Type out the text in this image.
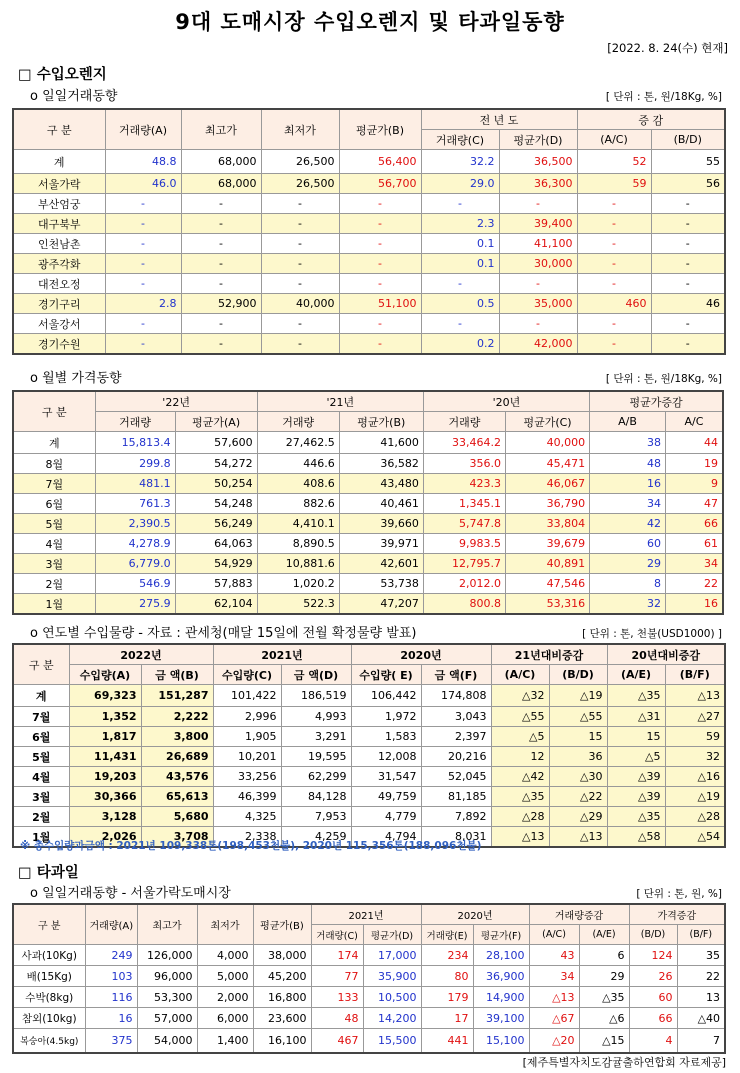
9대 도매시장 수입오렌지 및 타과일동향
[2022. 8. 24(수) 현재]
□ 수입오렌지
o 일일거래동향	[ 단위 : 톤, 원/18Kg, %]
구 분	거래량(A)	최고가	최저가	평균가(B)	전 년 도		증 감	
					거래량(C)	평균가(D)	(A/C)	(B/D)
계	48.8	68,000	26,500	56,400	32.2	36,500	52	55
서울가락	46.0	68,000	26,500	56,700	29.0	36,300	59	56
부산엄궁	-	-	-	-	-	-	-	-
대구북부	-	-	-	-	2.3	39,400	-	-
인천남촌	-	-	-	-	0.1	41,100	-	-
광주각화	-	-	-	-	0.1	30,000	-	-
대전오정	-	-	-	-	-	-	-	-
경기구리	2.8	52,900	40,000	51,100	0.5	35,000	460	46
서울강서	-	-	-	-	-	-	-	-
경기수원	-	-	-	-	0.2	42,000	-	-
o 월별 가격동향	[ 단위 : 톤, 원/18Kg, %]
구 분	'22년		'21년		'20년		평균가증감	
	거래량	평균가(A)	거래량	평균가(B)	거래량	평균가(C)	A/B	A/C
계	15,813.4	57,600	27,462.5	41,600	33,464.2	40,000	38	44
8월	299.8	54,272	446.6	36,582	356.0	45,471	48	19
7월	481.1	50,254	408.6	43,480	423.3	46,067	16	9
6월	761.3	54,248	882.6	40,461	1,345.1	36,790	34	47
5월	2,390.5	56,249	4,410.1	39,660	5,747.8	33,804	42	66
4월	4,278.9	64,063	8,890.5	39,971	9,983.5	39,679	60	61
3월	6,779.0	54,929	10,881.6	42,601	12,795.7	40,891	29	34
2월	546.9	57,883	1,020.2	53,738	2,012.0	47,546	8	22
1월	275.9	62,104	522.3	47,207	800.8	53,316	32	16
o 연도별 수입물량 - 자료 : 관세청(매달 15일에 전월 확정물량 발표)	[ 단위 : 톤, 천불(USD1000) ]
구 분	2022년		2021년		2020년		21년대비증감		20년대비증감	
	수입량(A)	금 액(B)	수입량(C)	금 액(D)	수입량( E)	금 액(F)	(A/C)	(B/D)	(A/E)	(B/F)
계	69,323	151,287	101,422	186,519	106,442	174,808	△32	△19	△35	△13
7월	1,352	2,222	2,996	4,993	1,972	3,043	△55	△55	△31	△27
6월	1,817	3,800	1,905	3,291	1,583	2,397	△5	15	15	59
5월	11,431	26,689	10,201	19,595	12,008	20,216	12	36	△5	32
4월	19,203	43,576	33,256	62,299	31,547	52,045	△42	△30	△39	△16
3월	30,366	65,613	46,399	84,128	49,759	81,185	△35	△22	△39	△19
2월	3,128	5,680	4,325	7,953	4,779	7,892	△28	△29	△35	△28
1월	2,026	3,708	2,338	4,259	4,794	8,031	△13	△13	△58	△54
※ 총수입량과금액 : 2021년 109,338톤(198,453천불), 2020년 115,356톤(188,096천불)
□ 타과일
o 일일거래동향 - 서울가락도매시장	[ 단위 : 톤, 원, %]
구 분	거래량(A)	최고가	최저가	평균가(B)	2021년		2020년		거래량증감		가격증감	
					거래량(C)	평균가(D)	거래량(E)	평균가(F)	(A/C)	(A/E)	(B/D)	(B/F)
사과(10Kg)	249	126,000	4,000	38,000	174	17,000	234	28,100	43	6	124	35
배(15Kg)	103	96,000	5,000	45,200	77	35,900	80	36,900	34	29	26	22
수박(8kg)	116	53,300	2,000	16,800	133	10,500	179	14,900	△13	△35	60	13
참외(10kg)	16	57,000	6,000	23,600	48	14,200	17	39,100	△67	△6	66	△40
복숭아(4.5kg)	375	54,000	1,400	16,100	467	15,500	441	15,100	△20	△15	4	7
[제주특별자치도감귤출하연합회 자료제공]
